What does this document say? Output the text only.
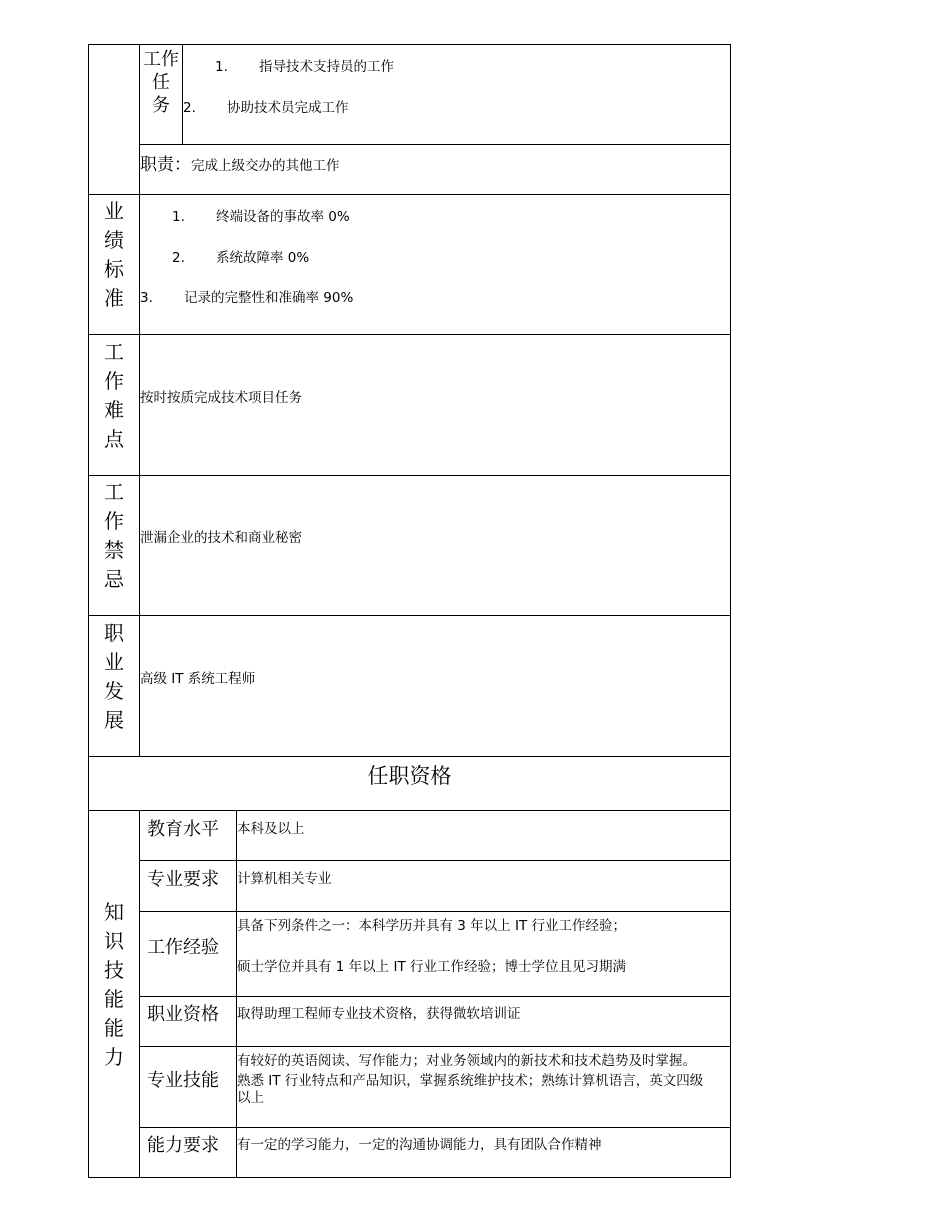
工作
任
务
1. 指导技术支持员的工作
2. 协助技术员完成工作
职责：完成上级交办的其他工作
业
绩
标
准
1. 终端设备的事故率 0%
2. 系统故障率 0%
3. 记录的完整性和准确率 90%
工
作
难
点
按时按质完成技术项目任务
工
作
禁
忌
泄漏企业的技术和商业秘密
职
业
发
展
高级 IT 系统工程师
任职资格
知
识
技
能
能
力
教育水平 本科及以上
专业要求 计算机相关专业
工作经验
具备下列条件之一：本科学历并具有 3 年以上 IT 行业工作经验；
硕士学位并具有 1 年以上 IT 行业工作经验；博士学位且见习期满
职业资格 取得助理工程师专业技术资格，获得微软培训证
专业技能
有较好的英语阅读、写作能力；对业务领域内的新技术和技术趋势及时掌握。
熟悉 IT 行业特点和产品知识，掌握系统维护技术；熟练计算机语言，英文四级
以上
能力要求 有一定的学习能力，一定的沟通协调能力，具有团队合作精神
